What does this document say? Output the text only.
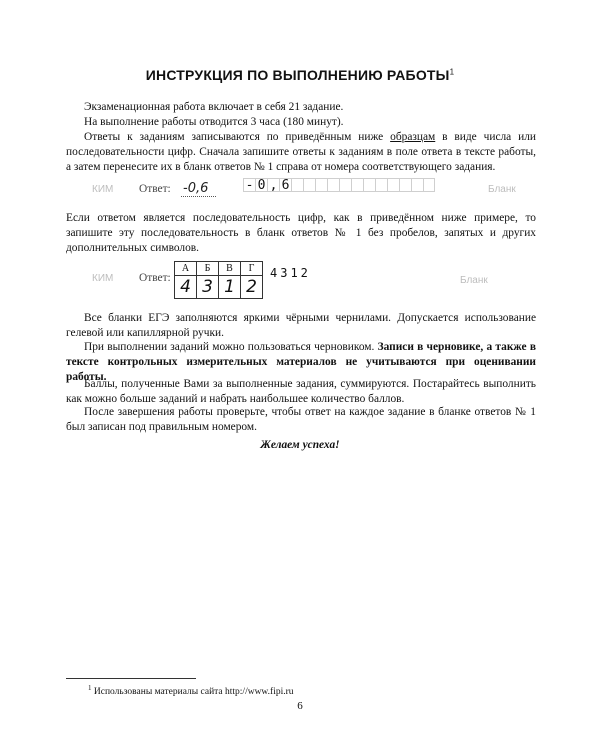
ИНСТРУКЦИЯ ПО ВЫПОЛНЕНИЮ РАБОТЫ$^1$
Экзаменационная работа включает в себя 21 задание.
На выполнение работы отводится 3 часа (180 минут).
Ответы к заданиям записываются по приведённым ниже образцам в виде числа или последовательности цифр. Сначала запишите ответы к заданиям в поле ответа в тексте работы, а затем перенесите их в бланк ответов № 1 справа от номера соответствующего задания.
КИМ Ответ: -0,6	- 0 , 6	Бланк
Если ответом является последовательность цифр, как в приведённом ниже примере, то запишите эту последовательность в бланк ответов № 1 без пробелов, запятых и других дополнительных символов.
КИМ Ответ:
А	Б	В	Г
4	3	1	2
4312
Бланк
Все бланки ЕГЭ заполняются яркими чёрными чернилами. Допускается использование гелевой или капиллярной ручки.
При выполнении заданий можно пользоваться черновиком. Записи в черновике, а также в тексте контрольных измерительных материалов не учитываются при оценивании работы.
Баллы, полученные Вами за выполненные задания, суммируются. Постарайтесь выполнить как можно больше заданий и набрать наибольшее количество баллов.
После завершения работы проверьте, чтобы ответ на каждое задание в бланке ответов № 1 был записан под правильным номером.
Желаем успеха!
$^1$ Использованы материалы сайта http://www.fipi.ru
6
